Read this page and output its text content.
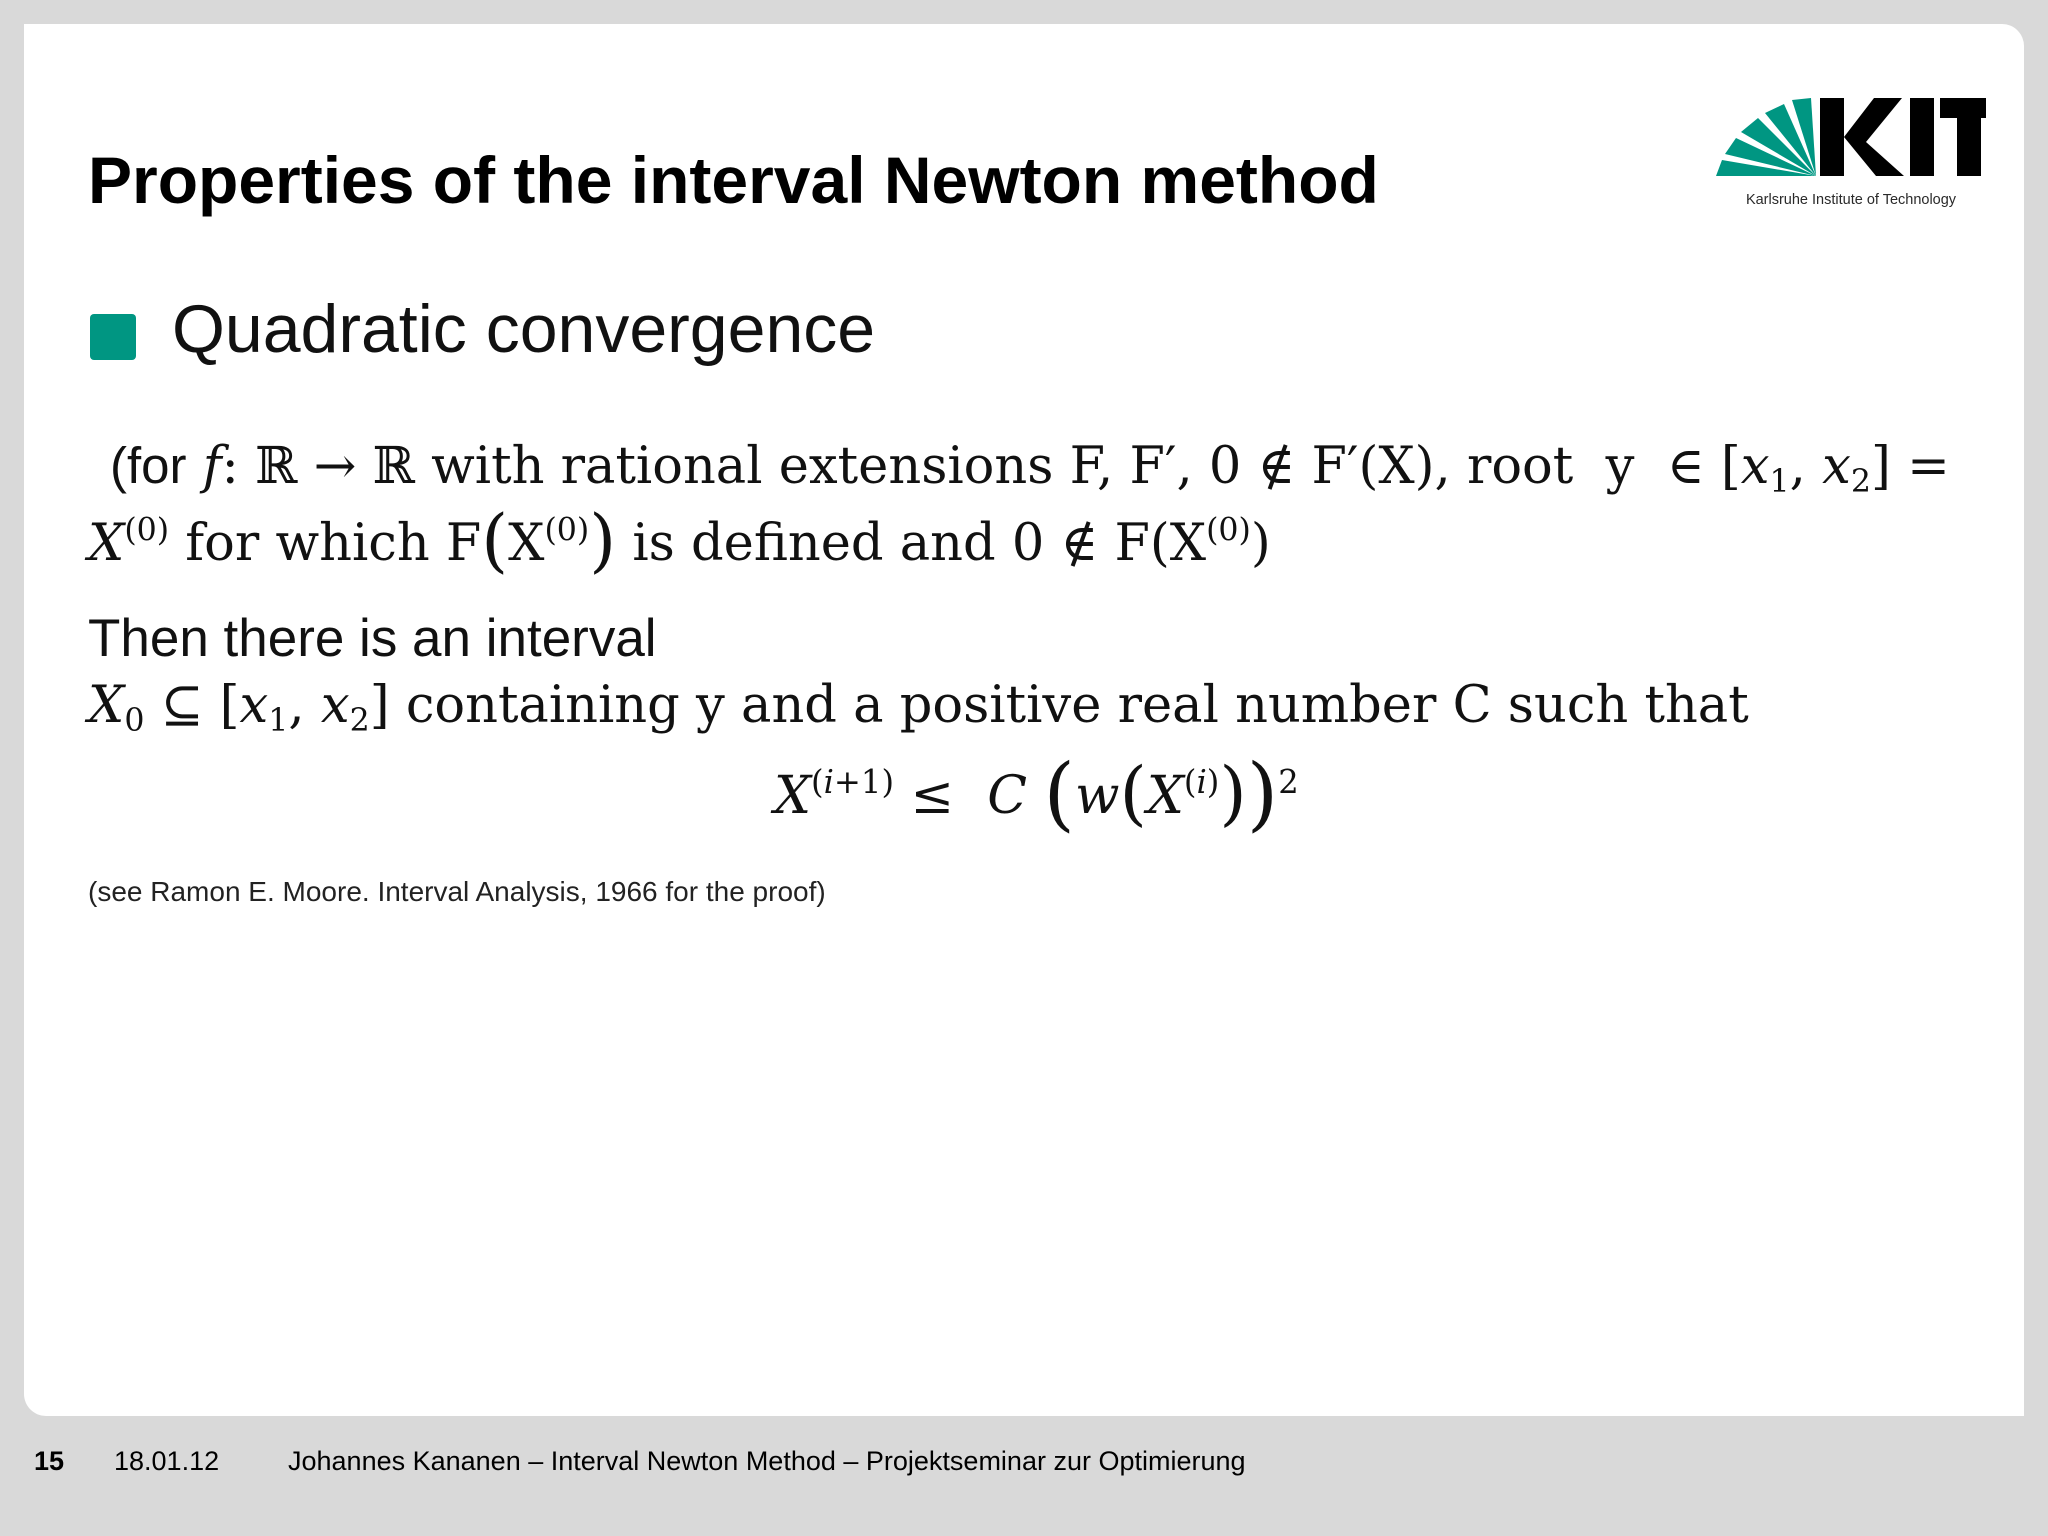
Properties of the interval Newton method	Karlsruhe Institute of Technology
Quadratic convergence
(for f: ℝ → ℝ with rational extensions F, F′, 0 ∉ F′(X), root  y  ∈ [$x_1$, $x_2$] =
$X^{(0)}$ for which $F(X^{(0)})$ is defined and 0 ∉ $F(X^{(0)})$
Then there is an interval
$X_0$ ⊆ [$x_1$, $x_2$] containing y and a positive real number C such that
$X^{(i+1)} \le C$ $(w(X^{(i)}))^2$
(see Ramon E. Moore. Interval Analysis, 1966 for the proof)
15 18.01.12	Johannes Kananen – Interval Newton Method – Projektseminar zur Optimierung
